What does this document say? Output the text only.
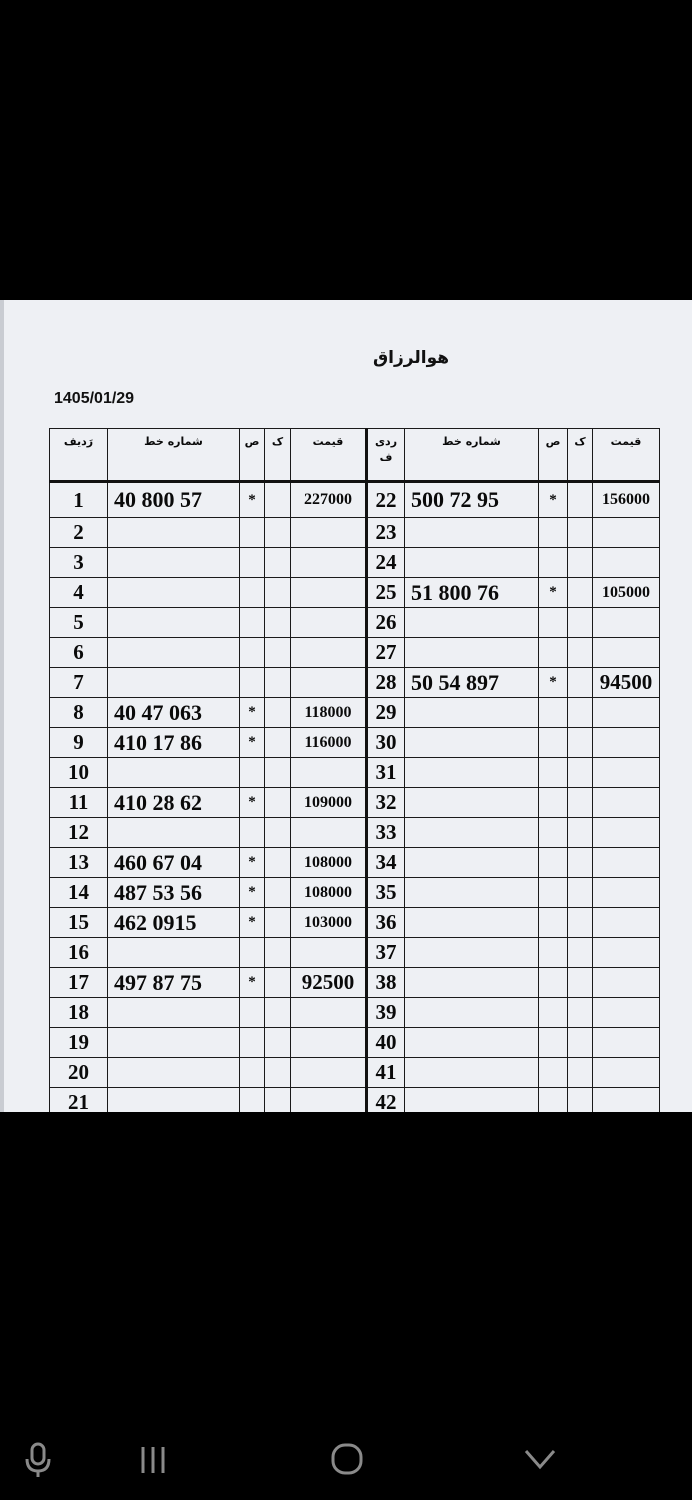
هوالرزاق
1405/01/29
رَدیف	شماره خط	ص	ک	قیمت	ردی ف	شماره خط	ص	ک	قیمت
1	40 800 57	*		227000	22	500 72 95	*		156000
2					23				
3					24				
4					25	51 800 76	*		105000
5					26				
6					27				
7					28	50 54 897	*		94500
8	40 47 063	*		118000	29				
9	410 17 86	*		116000	30				
10					31				
11	410 28 62	*		109000	32				
12					33				
13	460 67 04	*		108000	34				
14	487 53 56	*		108000	35				
15	462 0915	*		103000	36				
16					37				
17	497 87 75	*		92500	38				
18					39				
19					40				
20					41				
21					42				
